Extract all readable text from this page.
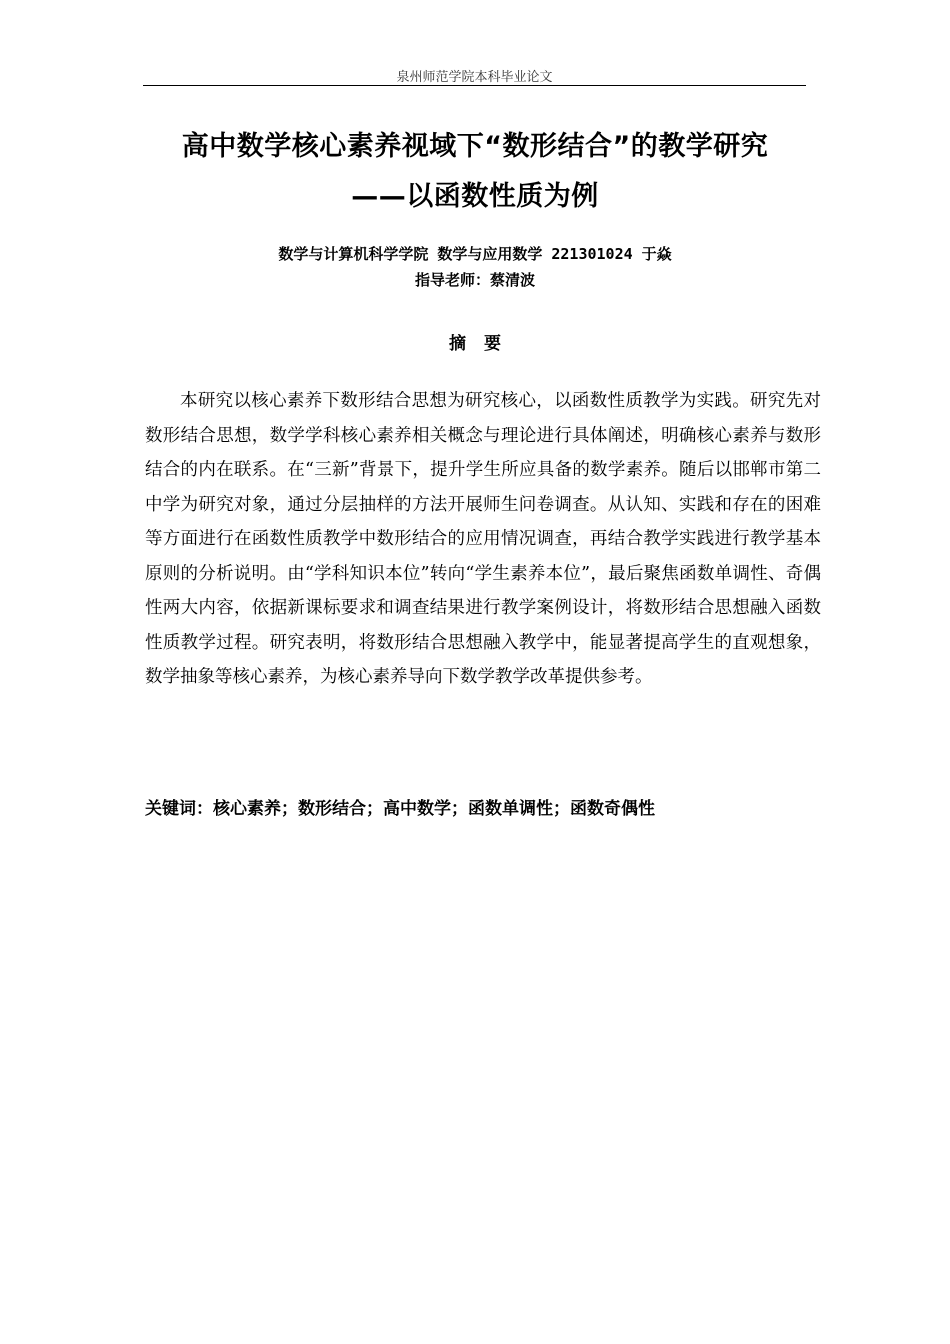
泉州师范学院本科毕业论文
高中数学核心素养视域下“数形结合”的教学研究
——以函数性质为例
数学与计算机科学学院 数学与应用数学 221301024 于焱
指导老师：蔡清波
摘要

本研究以核心素养下数形结合思想为研究核心，以函数性质教学为实践。研究先对数形结合思想，数学学科核心素养相关概念与理论进行具体阐述，明确核心素养与数形结合的内在联系。在“三新”背景下，提升学生所应具备的数学素养。随后以邯郸市第二中学为研究对象，通过分层抽样的方法开展师生问卷调查。从认知、实践和存在的困难等方面进行在函数性质教学中数形结合的应用情况调查，再结合教学实践进行教学基本原则的分析说明。由“学科知识本位”转向“学生素养本位”，最后聚焦函数单调性、奇偶性两大内容，依据新课标要求和调查结果进行教学案例设计，将数形结合思想融入函数性质教学过程。研究表明，将数形结合思想融入教学中，能显著提高学生的直观想象，数学抽象等核心素养，为核心素养导向下数学教学改革提供参考。

关键词：核心素养；数形结合；高中数学；函数单调性；函数奇偶性
